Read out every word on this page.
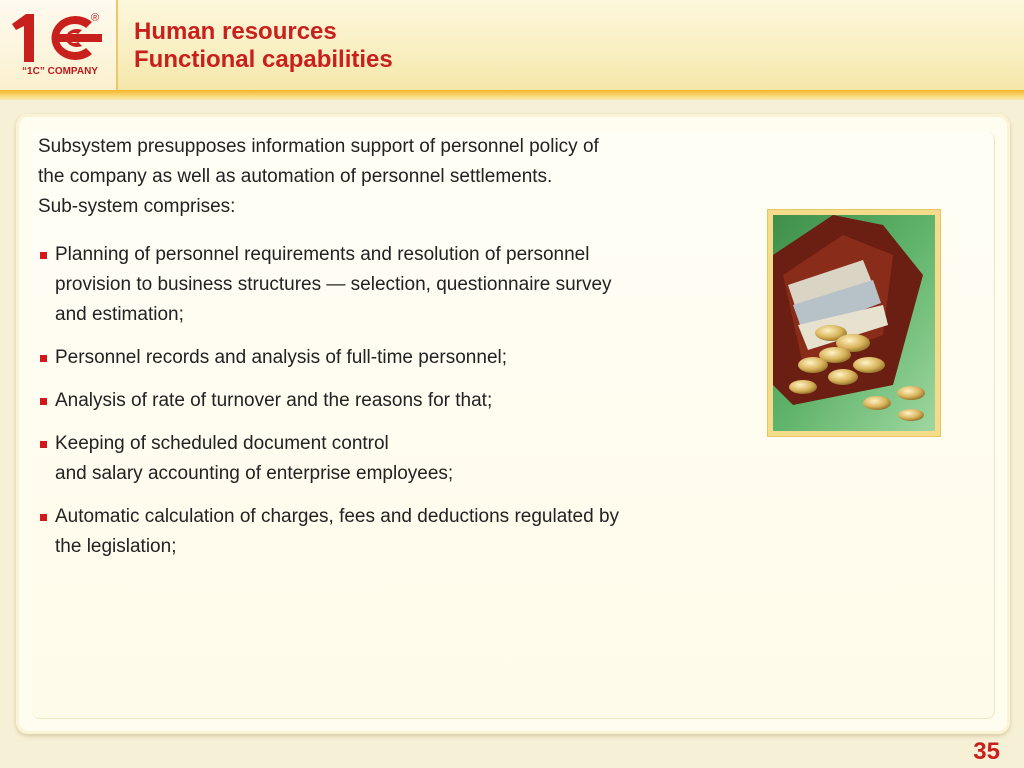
®
“1C” COMPANY

Human resources

Functional capabilities

Subsystem presupposes information support of personnel policy of

the company as well as automation of personnel settlements.

Sub-system comprises:

Planning of personnel requirements and resolution of personnel
provision to business structures — selection, questionnaire survey
and estimation;
Personnel records and analysis of full-time personnel;
Analysis of rate of turnover and the reasons for that;
Keeping of scheduled document control
and salary accounting of enterprise employees;
Automatic calculation of charges, fees and deductions regulated by
the legislation;
35
